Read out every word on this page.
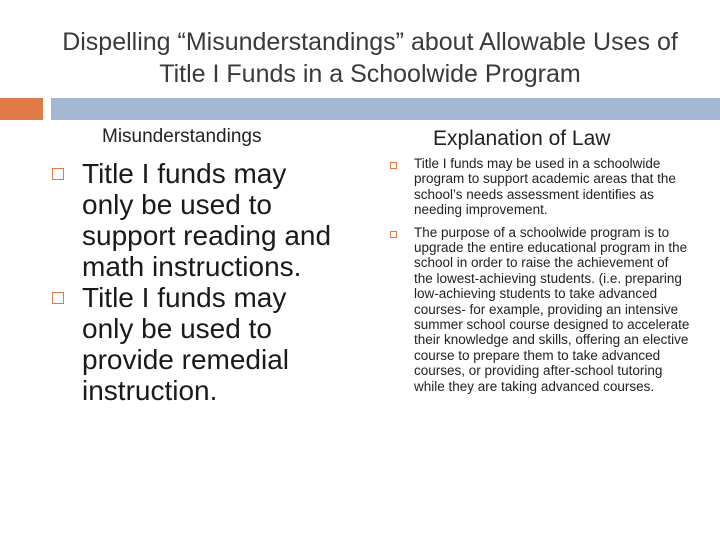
Dispelling “Misunderstandings” about Allowable Uses of Title I Funds in a Schoolwide Program
Misunderstandings	Explanation of Law
Title I funds may only be used to support reading and math instructions.
Title I funds may only be used to provide remedial instruction.
Title I funds may be used in a schoolwide program to support academic areas that the school’s needs assessment identifies as needing improvement.
The purpose of a schoolwide program is to upgrade the entire educational program in the school in order to raise the achievement of the lowest-achieving students. (i.e. preparing low-achieving students to take advanced courses- for example, providing an intensive summer school course designed to accelerate their knowledge and skills, offering an elective course to prepare them to take advanced courses, or providing after-school tutoring while they are taking advanced courses.
